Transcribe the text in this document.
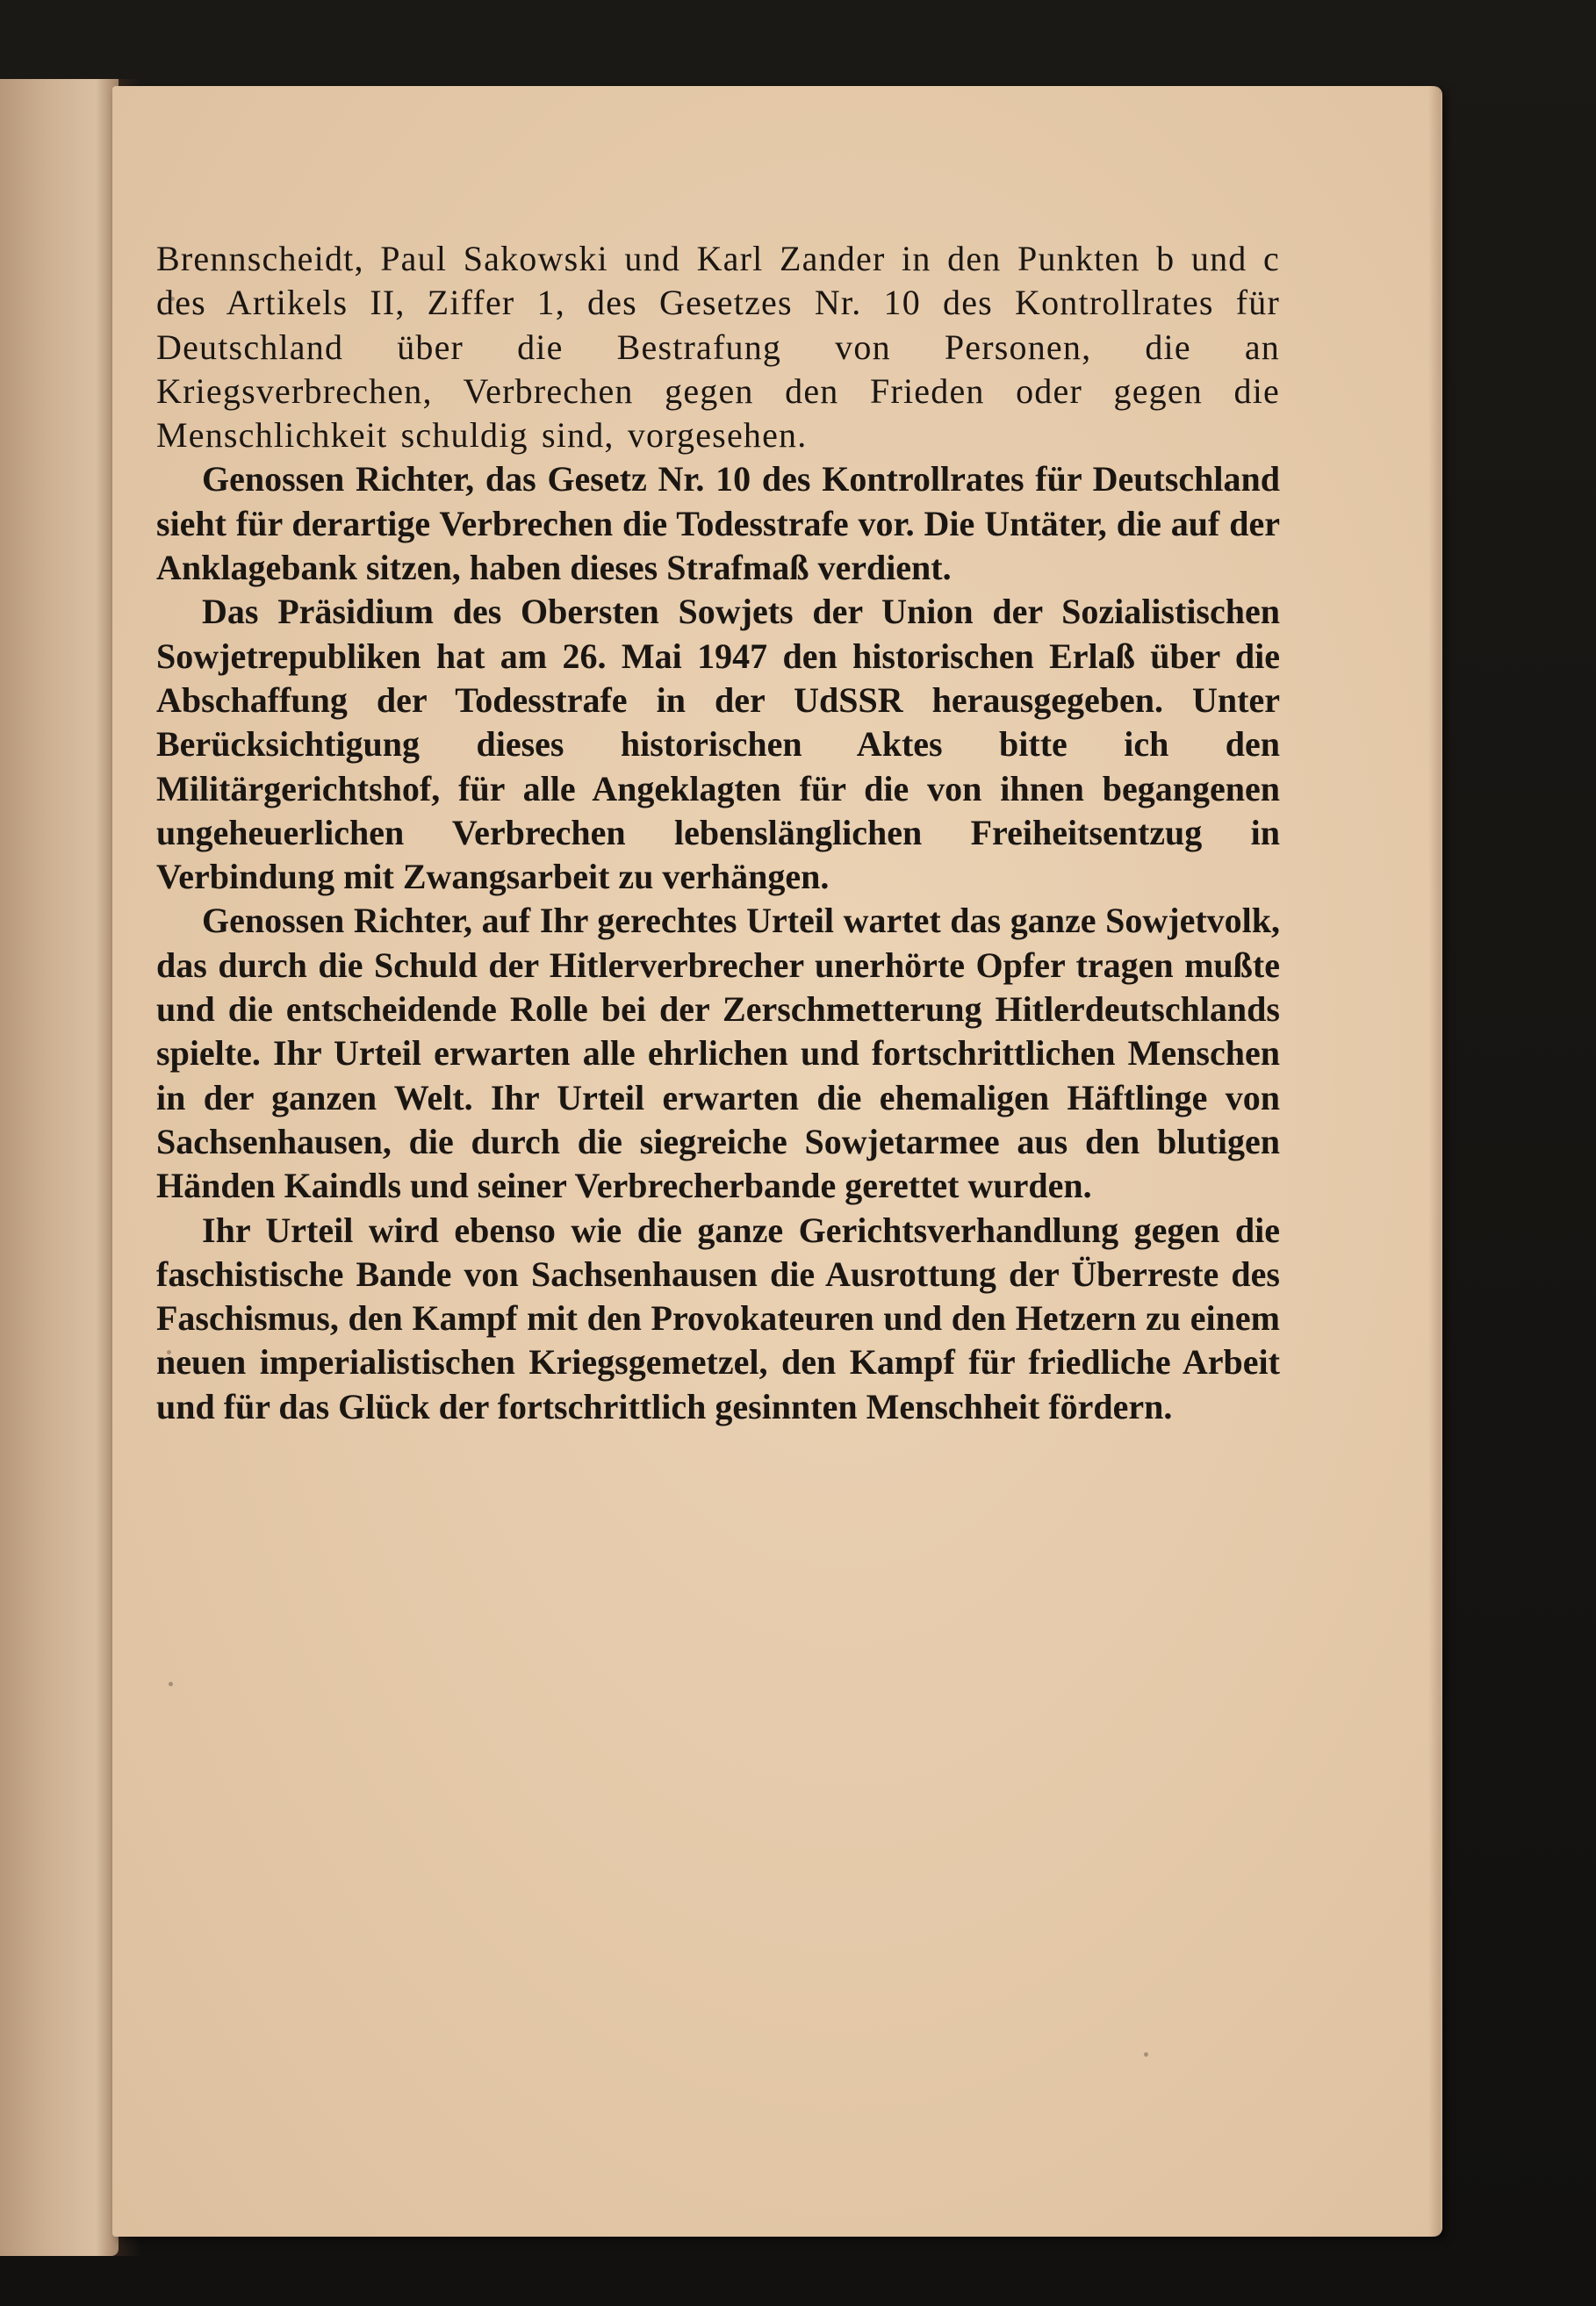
Brennscheidt, Paul Sakowski und Karl Zander in den Punkten b und c des Artikels II, Ziffer 1, des Gesetzes Nr. 10 des Kontrollrates für Deutschland über die Bestrafung von Personen, die an Kriegsverbrechen, Verbrechen gegen den Frieden oder gegen die Menschlichkeit schuldig sind, vorgesehen.

Genossen Richter, das Gesetz Nr. 10 des Kontrollrates für Deutschland sieht für derartige Verbrechen die Todesstrafe vor. Die Untäter, die auf der Anklagebank sitzen, haben dieses Strafmaß verdient.

Das Präsidium des Obersten Sowjets der Union der Sozialistischen Sowjetrepubliken hat am 26. Mai 1947 den historischen Erlaß über die Abschaffung der Todesstrafe in der UdSSR herausgegeben. Unter Berücksichtigung dieses historischen Aktes bitte ich den Militärgerichtshof, für alle Angeklagten für die von ihnen begangenen ungeheuerlichen Verbrechen lebenslänglichen Freiheitsentzug in Verbindung mit Zwangsarbeit zu verhängen.

Genossen Richter, auf Ihr gerechtes Urteil wartet das ganze Sowjetvolk, das durch die Schuld der Hitlerverbrecher unerhörte Opfer tragen mußte und die entscheidende Rolle bei der Zerschmetterung Hitlerdeutschlands spielte. Ihr Urteil erwarten alle ehrlichen und fortschrittlichen Menschen in der ganzen Welt. Ihr Urteil erwarten die ehemaligen Häftlinge von Sachsenhausen, die durch die siegreiche Sowjetarmee aus den blutigen Händen Kaindls und seiner Verbrecherbande gerettet wurden.

Ihr Urteil wird ebenso wie die ganze Gerichtsverhandlung gegen die faschistische Bande von Sachsenhausen die Ausrottung der Überreste des Faschismus, den Kampf mit den Provokateuren und den Hetzern zu einem neuen imperialistischen Kriegsgemetzel, den Kampf für friedliche Arbeit und für das Glück der fortschrittlich gesinnten Menschheit fördern.
